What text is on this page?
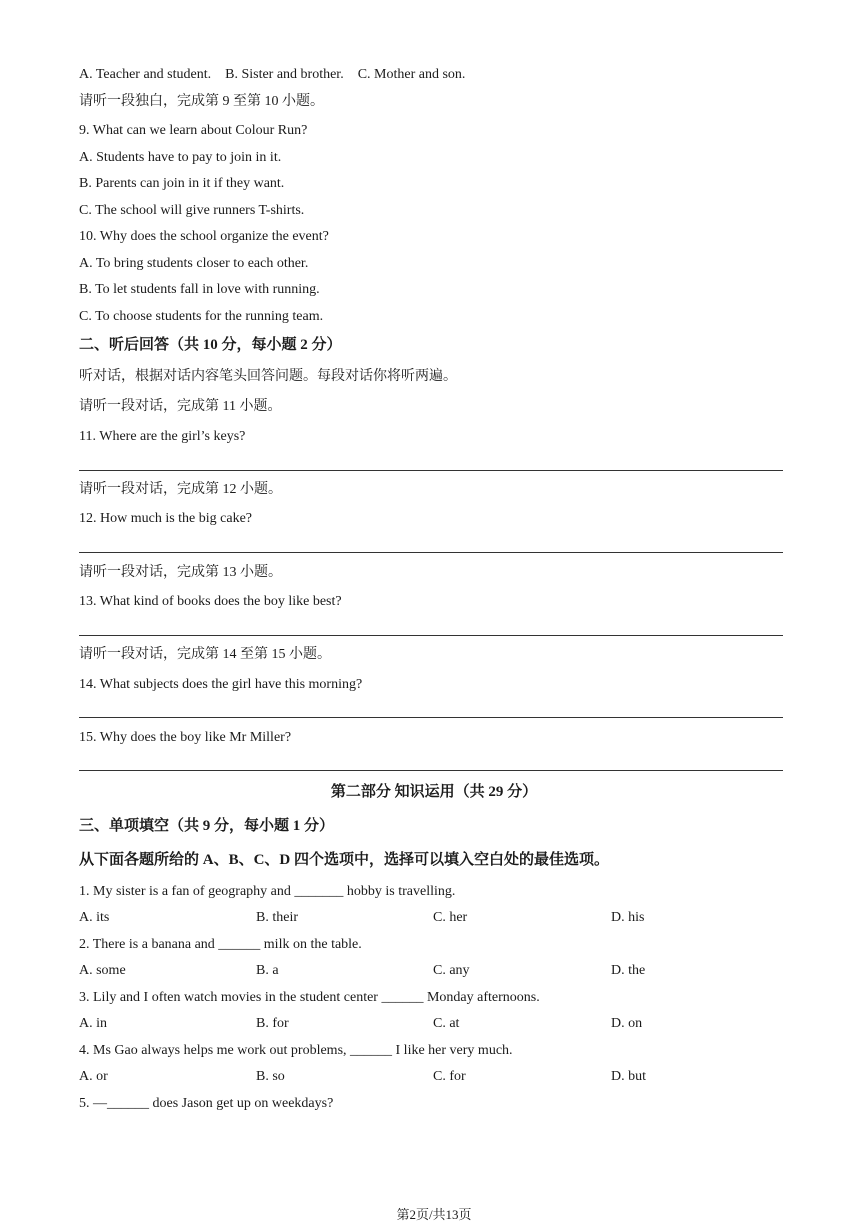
A. Teacher and student.    B. Sister and brother.    C. Mother and son.
请听一段独白，完成第 9 至第 10 小题。
9. What can we learn about Colour Run?
A. Students have to pay to join in it.
B. Parents can join in it if they want.
C. The school will give runners T-shirts.
10. Why does the school organize the event?
A. To bring students closer to each other.
B. To let students fall in love with running.
C. To choose students for the running team.
二、听后回答（共 10 分，每小题 2 分）
听对话，根据对话内容笔头回答问题。每段对话你将听两遍。
请听一段对话，完成第 11 小题。
11. Where are the girl’s keys?
请听一段对话，完成第 12 小题。
12. How much is the big cake?
请听一段对话，完成第 13 小题。
13. What kind of books does the boy like best?
请听一段对话，完成第 14 至第 15 小题。
14. What subjects does the girl have this morning?
15. Why does the boy like Mr Miller?
第二部分 知识运用（共 29 分）
三、单项填空（共 9 分，每小题 1 分）
从下面各题所给的 A、B、C、D 四个选项中，选择可以填入空白处的最佳选项。
1. My sister is a fan of geography and _______ hobby is travelling.
A. its	B. their	C. her	D. his
2. There is a banana and ______ milk on the table.
A. some	B. a	C. any	D. the
3. Lily and I often watch movies in the student center ______ Monday afternoons.
A. in	B. for	C. at	D. on
4. Ms Gao always helps me work out problems, ______ I like her very much.
A. or	B. so	C. for	D. but
5. —______ does Jason get up on weekdays?
第2页/共13页
